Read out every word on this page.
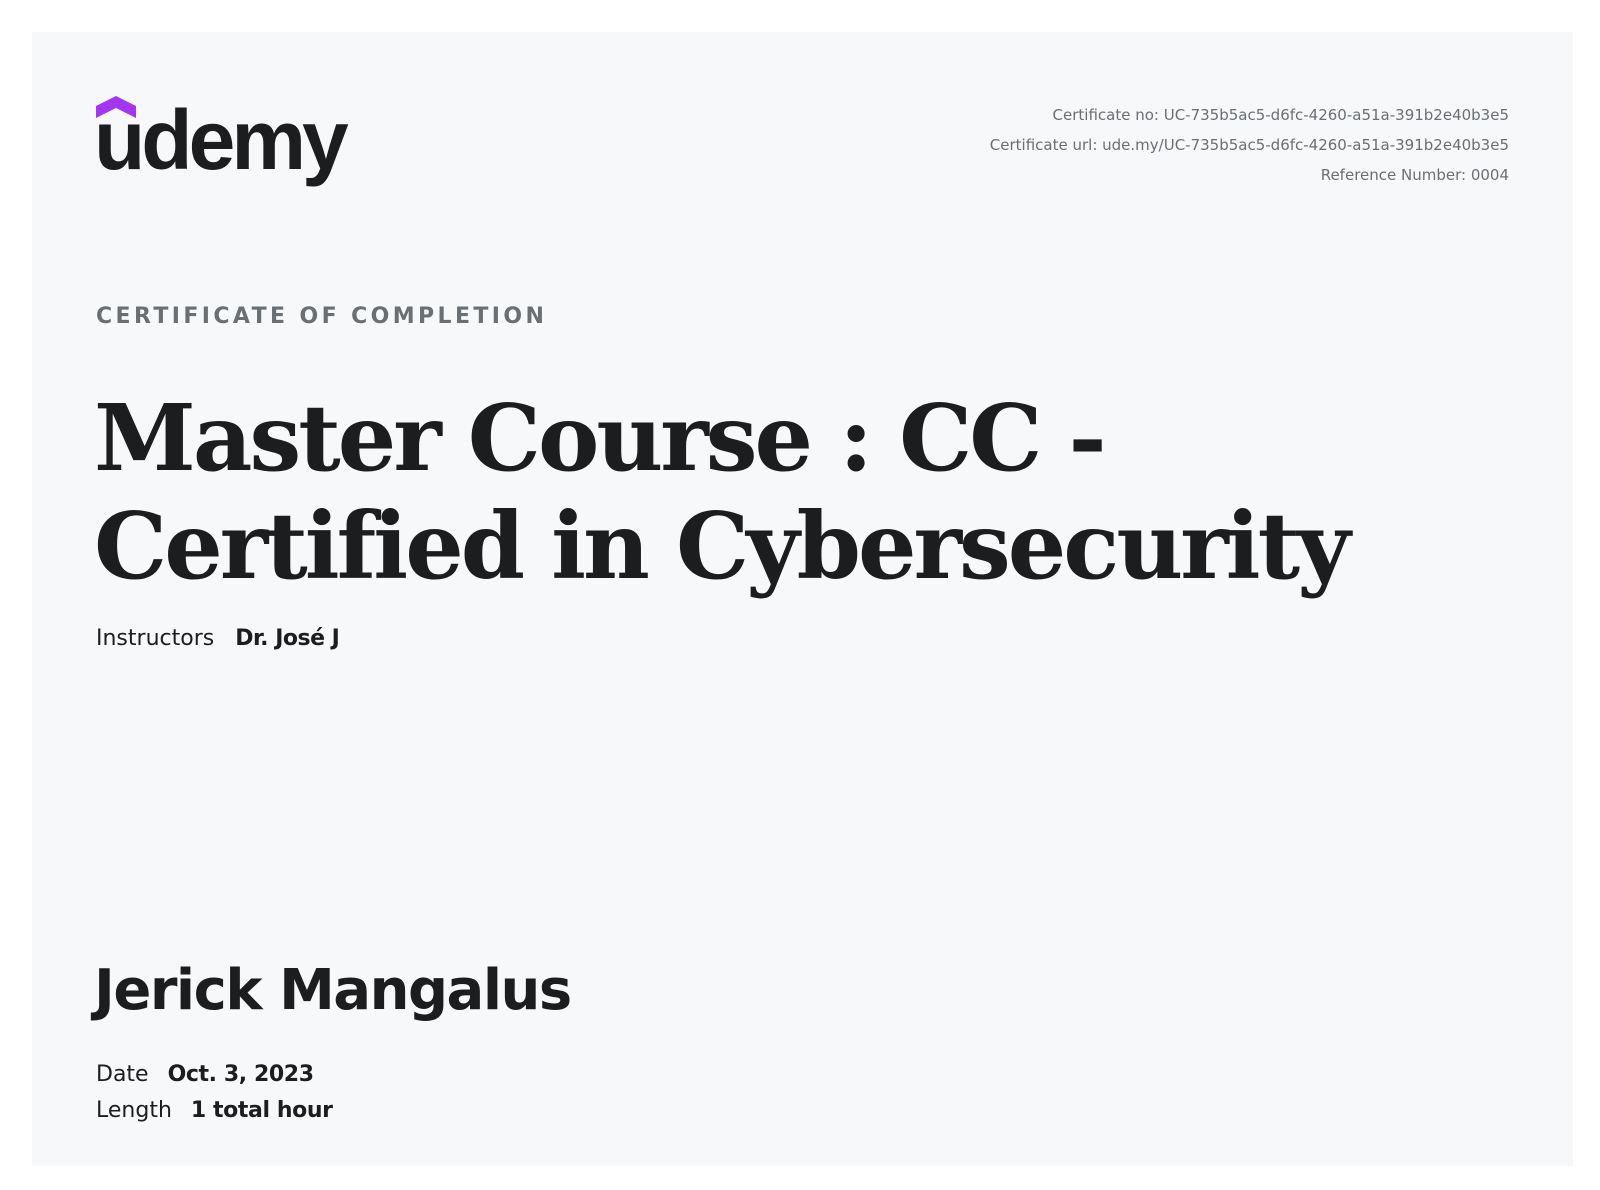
udemy	Certificate no: UC-735b5ac5-d6fc-4260-a51a-391b2e40b3e5
Certificate url: ude.my/UC-735b5ac5-d6fc-4260-a51a-391b2e40b3e5
Reference Number: 0004
CERTIFICATE OF COMPLETION
Master Course : CC - Certified in Cybersecurity
Instructors Dr. José J
Jerick Mangalus
Date Oct. 3, 2023
Length 1 total hour
